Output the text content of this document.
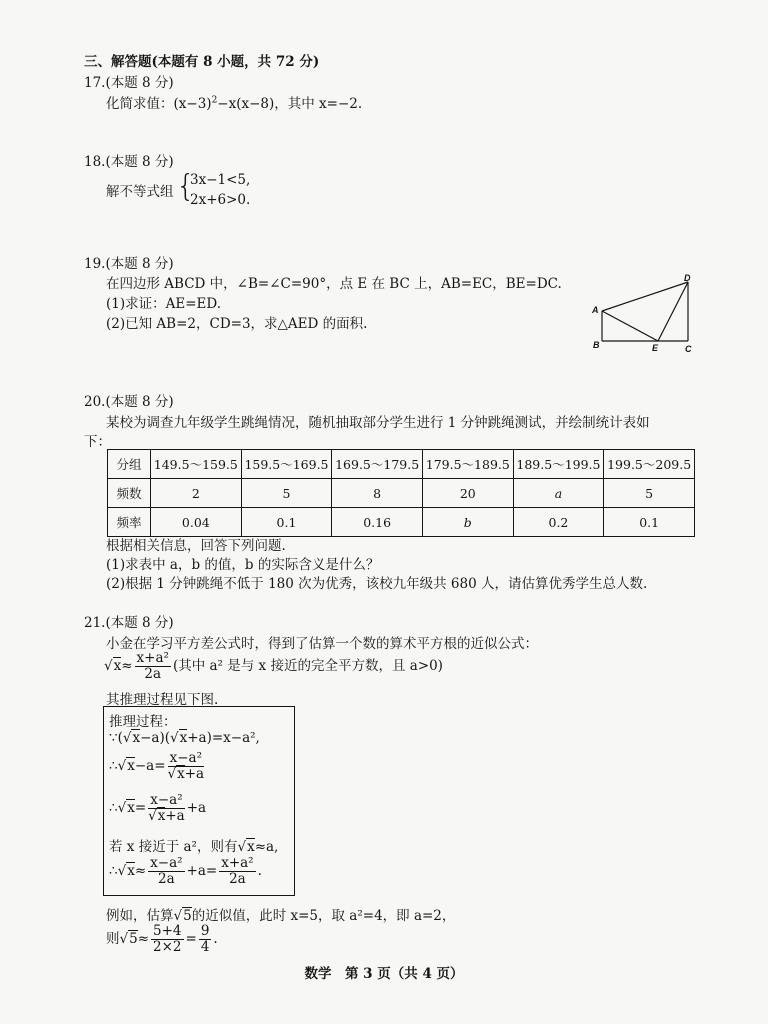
三、解答题(本题有 8 小题，共 72 分)
17.(本题 8 分)
化简求值：$(x-3)^2-x(x-8)$，其中 x=−2.
18.(本题 8 分)
解不等式组 {
3x−1<5,
2x+6>0.
19.(本题 8 分)
在四边形 ABCD 中，∠B=∠C=90°，点 E 在 BC 上，AB=EC，BE=DC.
(1)求证：AE=ED.
(2)已知 AB=2，CD=3，求△AED 的面积.
A
B	C
D
E
20.(本题 8 分)
某校为调查九年级学生跳绳情况，随机抽取部分学生进行 1 分钟跳绳测试，并绘制统计表如
下：
分组	149.5～159.5	159.5～169.5	169.5～179.5	179.5～189.5	189.5～199.5	199.5～209.5
频数	2	5	8	20	a	5
频率	0.04	0.1	0.16	b	0.2	0.1
根据相关信息，回答下列问题.
(1)求表中 a，b 的值，b 的实际含义是什么？
(2)根据 1 分钟跳绳不低于 180 次为优秀，该校九年级共 680 人，请估算优秀学生总人数.
21.(本题 8 分)
小金在学习平方差公式时，得到了估算一个数的算术平方根的近似公式：
$√x\approx \frac{\text{x+a²}}{2a}$ (其中 a² 是与 x 接近的完全平方数，且 a>0)
其推理过程见下图.
推理过程：
∵(√x−a)(√x+a)=x−a²,
∴√x−a= $\frac{\text{x−a²}}{√x+a}$
∴√x= $\frac{\text{x−a²}}{√x+a} +a$
若 x 接近于 a²，则有√x≈a,
∴√x≈ $\frac{\text{x−a²}}{2a} +a= \frac{\text{x+a²}}{2a}$ .
例如，估算√5的近似值，此时 x=5，取 a²=4，即 a=2，
则$√5\approx \frac{5+4}{2\times 2} = \frac{9}{4}$ .
数学　第 3 页（共 4 页）
